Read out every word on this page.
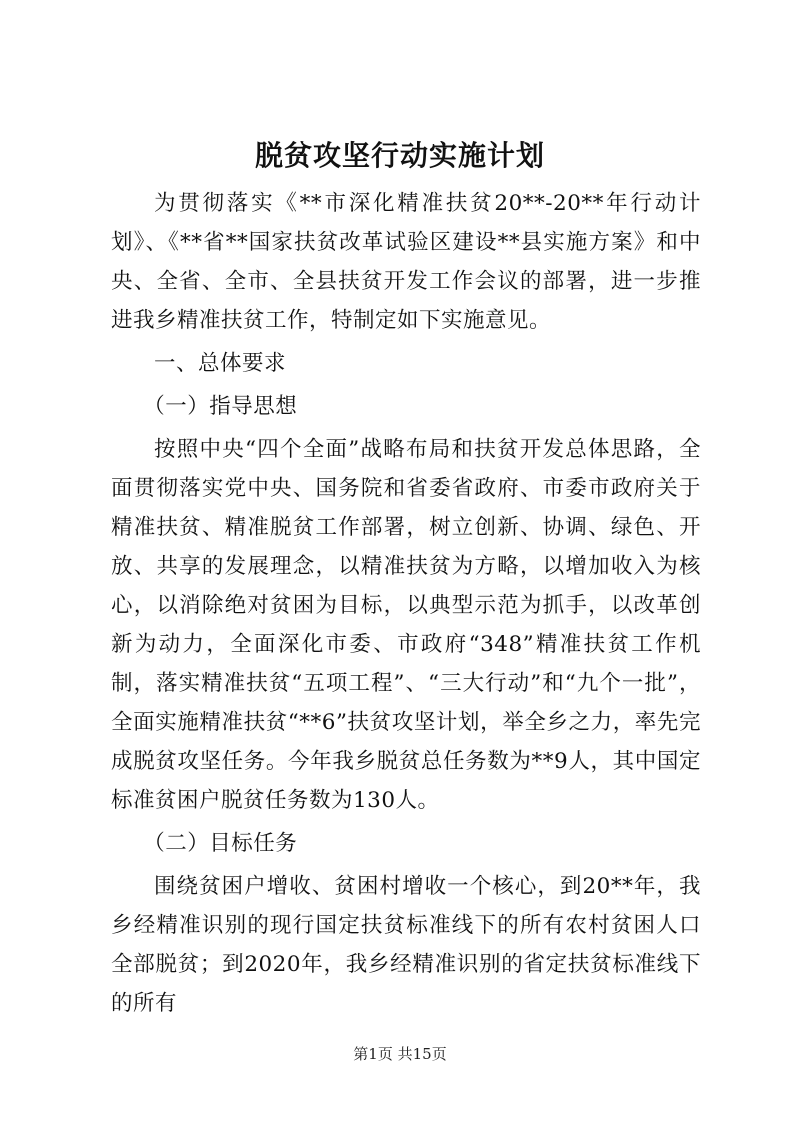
脱贫攻坚行动实施计划

为贯彻落实《**市深化精准扶贫20**-20**年行动计划》、《**省**国家扶贫改革试验区建设**县实施方案》和中央、全省、全市、全县扶贫开发工作会议的部署，进一步推进我乡精准扶贫工作，特制定如下实施意见。

一、总体要求

（一）指导思想

按照中央“四个全面”战略布局和扶贫开发总体思路，全面贯彻落实党中央、国务院和省委省政府、市委市政府关于精准扶贫、精准脱贫工作部署，树立创新、协调、绿色、开放、共享的发展理念，以精准扶贫为方略，以增加收入为核心，以消除绝对贫困为目标，以典型示范为抓手，以改革创新为动力，全面深化市委、市政府“348”精准扶贫工作机制，落实精准扶贫“五项工程”、“三大行动”和“九个一批”，全面实施精准扶贫“**6”扶贫攻坚计划，举全乡之力，率先完成脱贫攻坚任务。今年我乡脱贫总任务数为**9人，其中国定标准贫困户脱贫任务数为130人。

（二）目标任务

围绕贫困户增收、贫困村增收一个核心，到20**年，我乡经精准识别的现行国定扶贫标准线下的所有农村贫困人口全部脱贫；到2020年，我乡经精准识别的省定扶贫标准线下的所有

第1页 共15页
